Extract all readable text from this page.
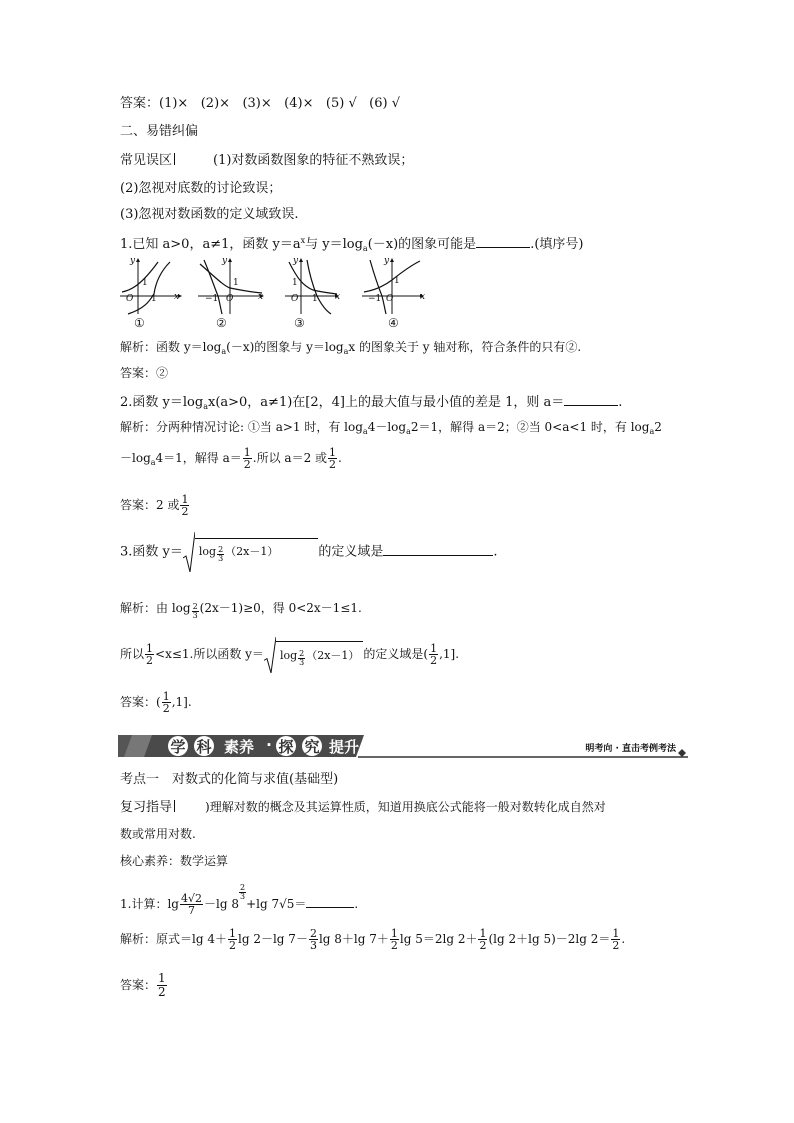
答案：(1)× (2)× (3)× (4)× (5) √ (6) √
二、易错纠偏
常见误区	(1)对数函数图象的特征不熟致误；
(2)忽视对底数的讨论致误；
(3)忽视对数函数的定义域致误.
1.已知 a>0，a≠1，函数 $y=a^x$与 $y=\log_a(-x)$的图象可能是	.(填序号)
y
x
O
1
1
①
y
x
−1 O
1
②
y
x
1
O 1
③
y
x
−1 O
1
④
解析：函数 $y=\log_a(-x)$的图象与 $y=\log_ax$ 的图象关于 y 轴对称，符合条件的只有②.
答案：②
2.函数 $y=\log_ax(a>0$，a≠1)在[2，4]上的最大值与最小值的差是 1，则 a＝	.
解析：分两种情况讨论: ①当 a>1 时，有 $\log_a4-\log_a2=1$，解得 a＝2；②当 0<a<1 时，有 $\log_a2$
$-\log_a4=1$，解得 $a= \frac{1}{2}$ .所以 a＝2 或 $\frac{1}{2}$ .
答案：2 或 $\frac{1}{2}$
3.函数 $y= \log \frac{2}{3} (2x-1)$	的定义域是	.
解析：由 $\log \frac{2}{3} (2x-1)\ge 0$，得 0<2x－1≤1.
所以 $\frac{1}{2} <x\le 1$.所以函数 $y= \log \frac{2}{3} (2x-1)$ 的定义域是( $\frac{1}{2} ,1$].
答案：( $\frac{1}{2} ,1$].
学 科 素养 · 探 究 提升	明考向 · 直击考例考法
考点一　对数式的化简与求值(基础型)
复习指导	)理解对数的概念及其运算性质，知道用换底公式能将一般对数转化成自然对
数或常用对数.
核心素养：数学运算
1.计算：$\lg \frac{4√2}{7} -\lg$ 8
$\frac{2}{3}$
+lg 7√5＝	.
解析：原式＝lg $4+ \frac{1}{2}$ lg 2－lg $7- \frac{2}{3}$ lg 8＋lg $7+ \frac{1}{2}$ lg 5＝2lg $2+ \frac{1}{2} (\lg$ 2＋lg 5)－2lg $2= \frac{1}{2}$ .
答案： $\frac{1}{2}$
